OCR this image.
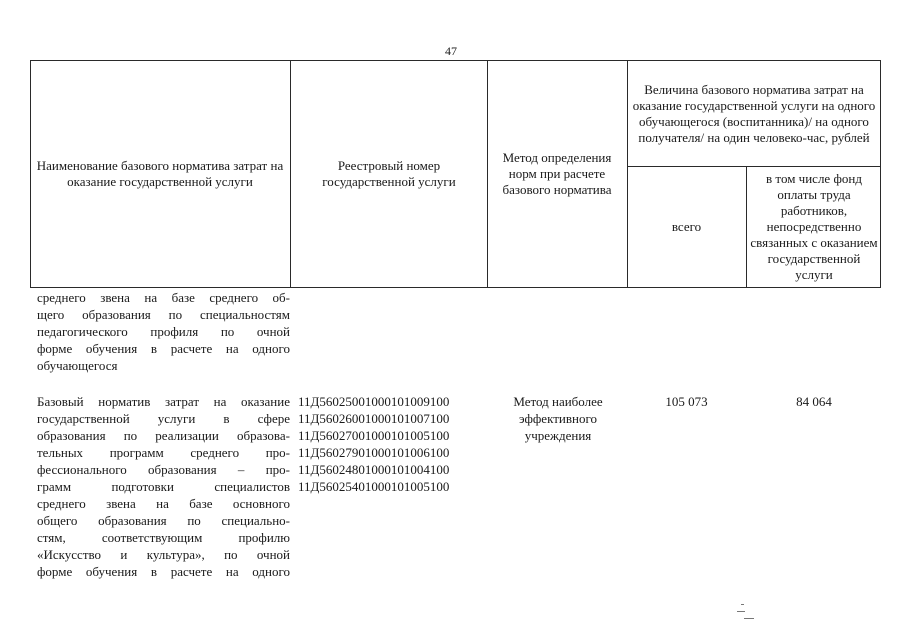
47
Наименование базового норматива затрат на оказание государственной услуги
Реестровый номер государственной услуги
Метод определения норм при расчете базового норматива
Величина базового норматива затрат на оказание государственной услуги на одного обучающегося (воспитанника)/ на одного получателя/ на один человеко-час, рублей
всего
в том числе фонд оплаты труда работников, непосредственно связанных с оказанием государственной услуги
среднего звена на базе среднего об-
щего образования по специальностям
педагогического профиля по очной
форме обучения в расчете на одного
обучающегося
Базовый норматив затрат на оказание
государственной услуги в сфере
образования по реализации образова-
тельных программ среднего про-
фессионального образования – про-
грамм подготовки специалистов
среднего звена на базе основного
общего образования по специально-
стям, соответствующим профилю
«Искусство и культура», по очной
форме обучения в расчете на одного
11Д56025001000101009100
11Д56026001000101007100
11Д56027001000101005100
11Д56027901000101006100
11Д56024801000101004100
11Д56025401000101005100
Метод наиболее эффективного учреждения
105 073	84 064
